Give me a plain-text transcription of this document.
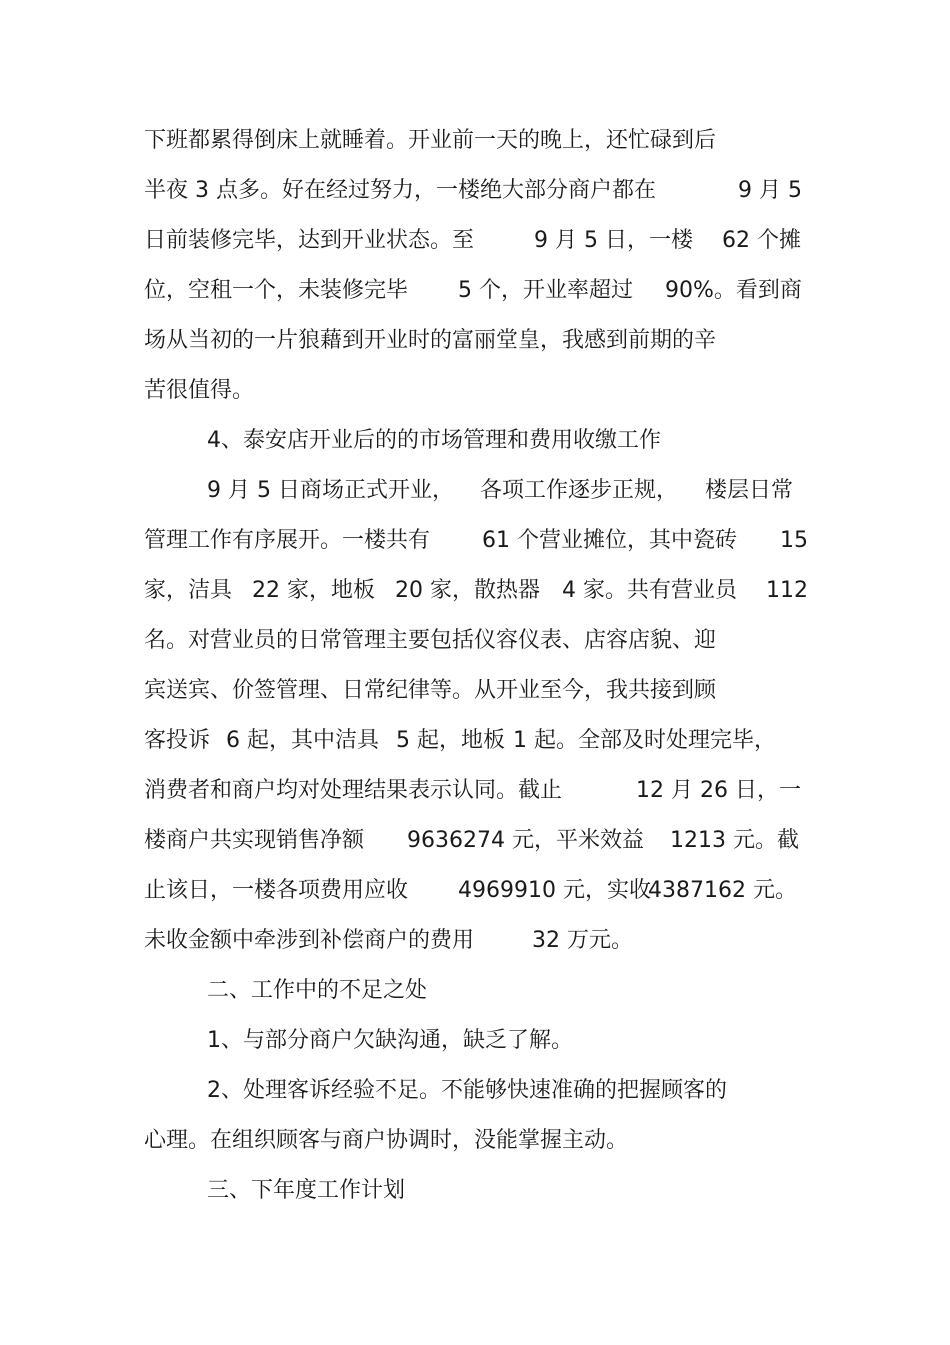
下班都累得倒床上就睡着。开业前一天的晚上，还忙碌到后

半夜 3 点多。好在经过努力，一楼绝大部分商户都在

	9 月 5

日前装修完毕，达到开业状态。至

	9 月 5 日，一楼

62 个摊

位，空租一个，未装修完毕

5 个，开业率超过

90%。看到商

场从当初的一片狼藉到开业时的富丽堂皇，我感到前期的辛

苦很值得。

4、泰安店开业后的的市场管理和费用收缴工作

9 月 5 日商场正式开业，

各项工作逐步正规，

楼层日常

管理工作有序展开。一楼共有

61 个营业摊位，其中瓷砖

15

家，洁具

22 家，地板

20 家，散热器

4 家。共有营业员

112

名。对营业员的日常管理主要包括仪容仪表、店容店貌、迎

宾送宾、价签管理、日常纪律等。从开业至今，我共接到顾

客投诉

6 起，其中洁具

5 起，地板

1 起。全部及时处理完毕，

消费者和商户均对处理结果表示认同。截止

	12 月 26 日，一

楼商户共实现销售净额

9636274 元，平米效益

1213 元。截

止该日，一楼各项费用应收

4969910 元，实收

4387162 元。

未收金额中牵涉到补偿商户的费用

	32 万元。

二、工作中的不足之处

1、与部分商户欠缺沟通，缺乏了解。

2、处理客诉经验不足。不能够快速准确的把握顾客的

心理。在组织顾客与商户协调时，没能掌握主动。

三、下年度工作计划
